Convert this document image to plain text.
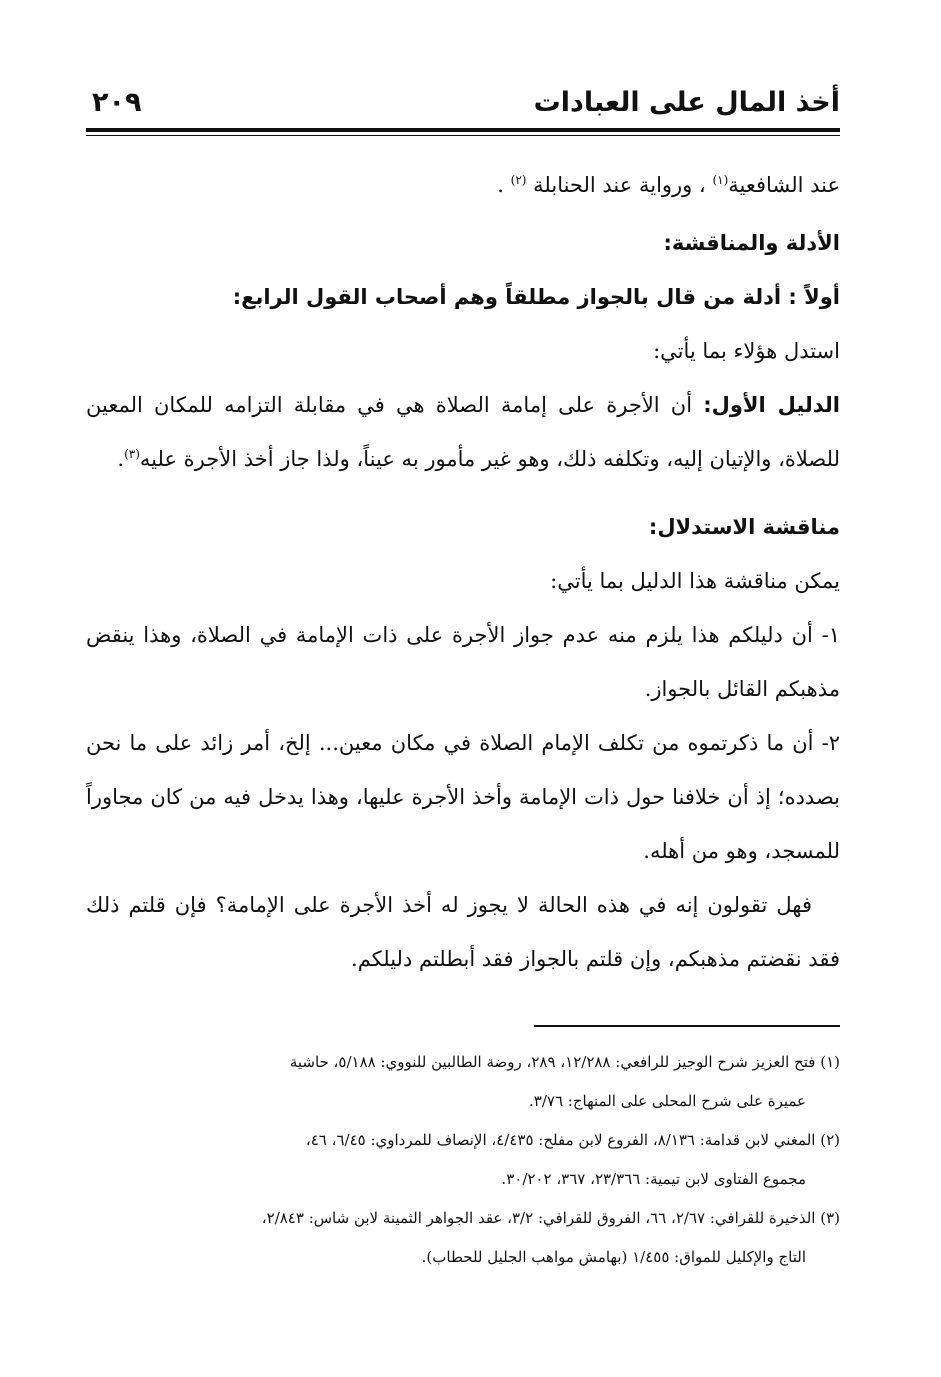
أخذ المال على العبادات
٢٠٩

عند الشافعية$^{(١)}$ ، ورواية عند الحنابلة $^{(٢)}$ .

الأدلة والمناقشة:

أولاً : أدلة من قال بالجواز مطلقاً وهم أصحاب القول الرابع:

استدل هؤلاء بما يأتي:

الدليل الأول: أن الأجرة على إمامة الصلاة هي في مقابلة التزامه للمكان المعين للصلاة، والإتيان إليه، وتكلفه ذلك، وهو غير مأمور به عيناً، ولذا جاز أخذ الأجرة عليه$^{(٣)}$.

مناقشة الاستدلال:

يمكن مناقشة هذا الدليل بما يأتي:

١- أن دليلكم هذا يلزم منه عدم جواز الأجرة على ذات الإمامة في الصلاة، وهذا ينقض مذهبكم القائل بالجواز.

٢- أن ما ذكرتموه من تكلف الإمام الصلاة في مكان معين... إلخ، أمر زائد على ما نحن بصدده؛ إذ أن خلافنا حول ذات الإمامة وأخذ الأجرة عليها، وهذا يدخل فيه من كان مجاوراً للمسجد، وهو من أهله.

فهل تقولون إنه في هذه الحالة لا يجوز له أخذ الأجرة على الإمامة؟ فإن قلتم ذلك فقد نقضتم مذهبكم، وإن قلتم بالجواز فقد أبطلتم دليلكم.

(١) فتح العزيز شرح الوجيز للرافعي: ١٢/٢٨٨، ٢٨٩، روضة الطالبين للنووي: ٥/١٨٨، حاشية

عميرة على شرح المحلى على المنهاج: ٣/٧٦.

(٢) المغني لابن قدامة: ٨/١٣٦، الفروع لابن مفلح: ٤/٤٣٥، الإنصاف للمرداوي: ٦/٤٥، ٤٦،

مجموع الفتاوى لابن تيمية: ٢٣/٣٦٦، ٣٦٧، ٣٠/٢٠٢.

(٣) الذخيرة للقرافي: ٢/٦٧، ٦٦، الفروق للقرافي: ٣/٢، عقد الجواهر الثمينة لابن شاس: ٢/٨٤٣،

التاج والإكليل للمواق: ١/٤٥٥ (بهامش مواهب الجليل للحطاب).
